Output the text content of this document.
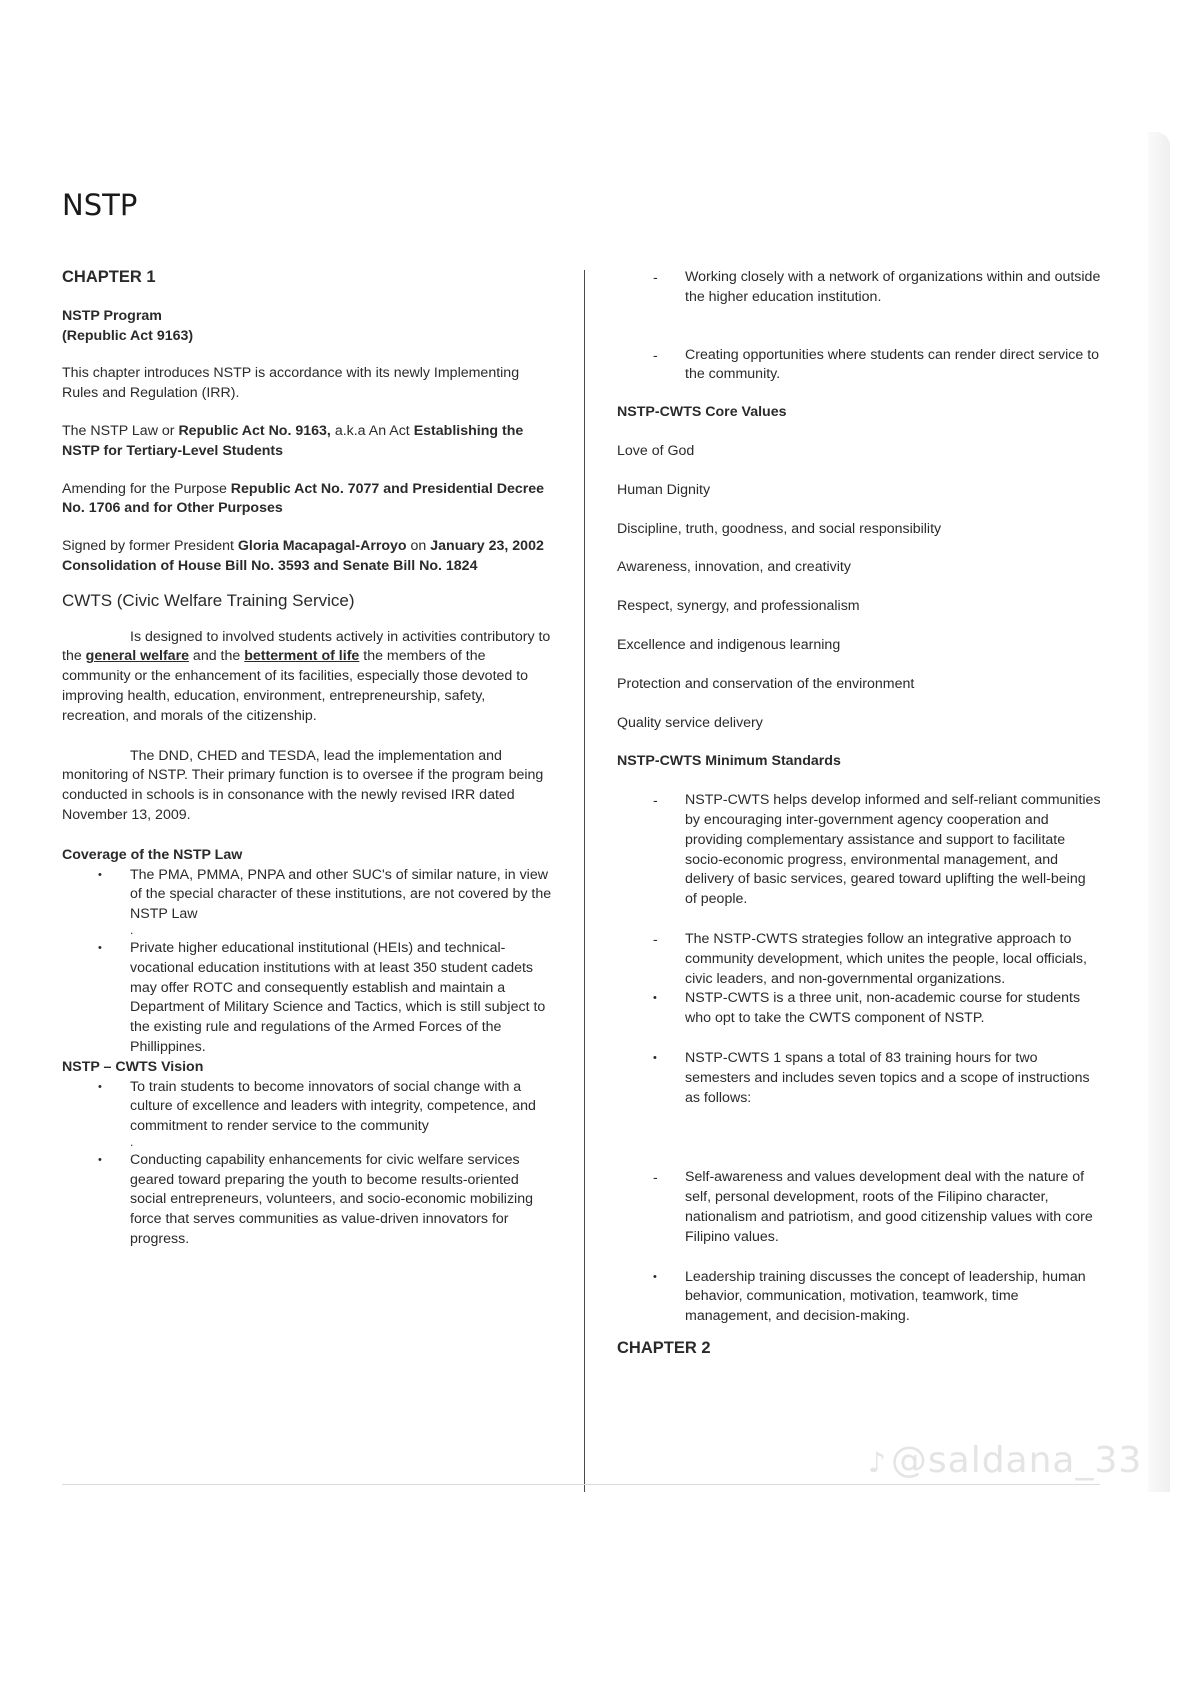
NSTP

CHAPTER 1

NSTP Program

(Republic Act 9163)

This chapter introduces NSTP is accordance with its newly Implementing Rules and Regulation (IRR).

The NSTP Law or Republic Act No. 9163, a.k.a An Act Establishing the NSTP for Tertiary-Level Students

Amending for the Purpose Republic Act No. 7077 and Presidential Decree No. 1706 and for Other Purposes

Signed by former President Gloria Macapagal-Arroyo on January 23, 2002

Consolidation of House Bill No. 3593 and Senate Bill No. 1824

CWTS (Civic Welfare Training Service)

Is designed to involved students actively in activities contributory to the general welfare and the betterment of life the members of the community or the enhancement of its facilities, especially those devoted to improving health, education, environment, entrepreneurship, safety, recreation, and morals of the citizenship.

The DND, CHED and TESDA, lead the implementation and monitoring of NSTP. Their primary function is to oversee if the program being conducted in schools is in consonance with the newly revised IRR dated November 13, 2009.

Coverage of the NSTP Law

• The PMA, PMMA, PNPA and other SUC's of similar nature, in view of the special character of these institutions, are not covered by the NSTP Law
.
• Private higher educational institutional (HEIs) and technical-vocational education institutions with at least 350 student cadets may offer ROTC and consequently establish and maintain a Department of Military Science and Tactics, which is still subject to the existing rule and regulations of the Armed Forces of the Phillippines.

NSTP – CWTS Vision

• To train students to become innovators of social change with a culture of excellence and leaders with integrity, competence, and commitment to render service to the community
.
• Conducting capability enhancements for civic welfare services geared toward preparing the youth to become results-oriented social entrepreneurs, volunteers, and socio-economic mobilizing force that serves communities as value-driven innovators for progress.
- Working closely with a network of organizations within and outside the higher education institution.
- Creating opportunities where students can render direct service to the community.

NSTP-CWTS Core Values

Love of God

Human Dignity

Discipline, truth, goodness, and social responsibility

Awareness, innovation, and creativity

Respect, synergy, and professionalism

Excellence and indigenous learning

Protection and conservation of the environment

Quality service delivery

NSTP-CWTS Minimum Standards

- NSTP-CWTS helps develop informed and self-reliant communities by encouraging inter-government agency cooperation and providing complementary assistance and support to facilitate socio-economic progress, environmental management, and delivery of basic services, geared toward uplifting the well-being of people.
- The NSTP-CWTS strategies follow an integrative approach to community development, which unites the people, local officials, civic leaders, and non-governmental organizations.
• NSTP-CWTS is a three unit, non-academic course for students who opt to take the CWTS component of NSTP.
• NSTP-CWTS 1 spans a total of 83 training hours for two semesters and includes seven topics and a scope of instructions as follows:
- Self-awareness and values development deal with the nature of self, personal development, roots of the Filipino character, nationalism and patriotism, and good citizenship values with core Filipino values.
• Leadership training discusses the concept of leadership, human behavior, communication, motivation, teamwork, time management, and decision-making.

CHAPTER 2

♪ @saldana_33
